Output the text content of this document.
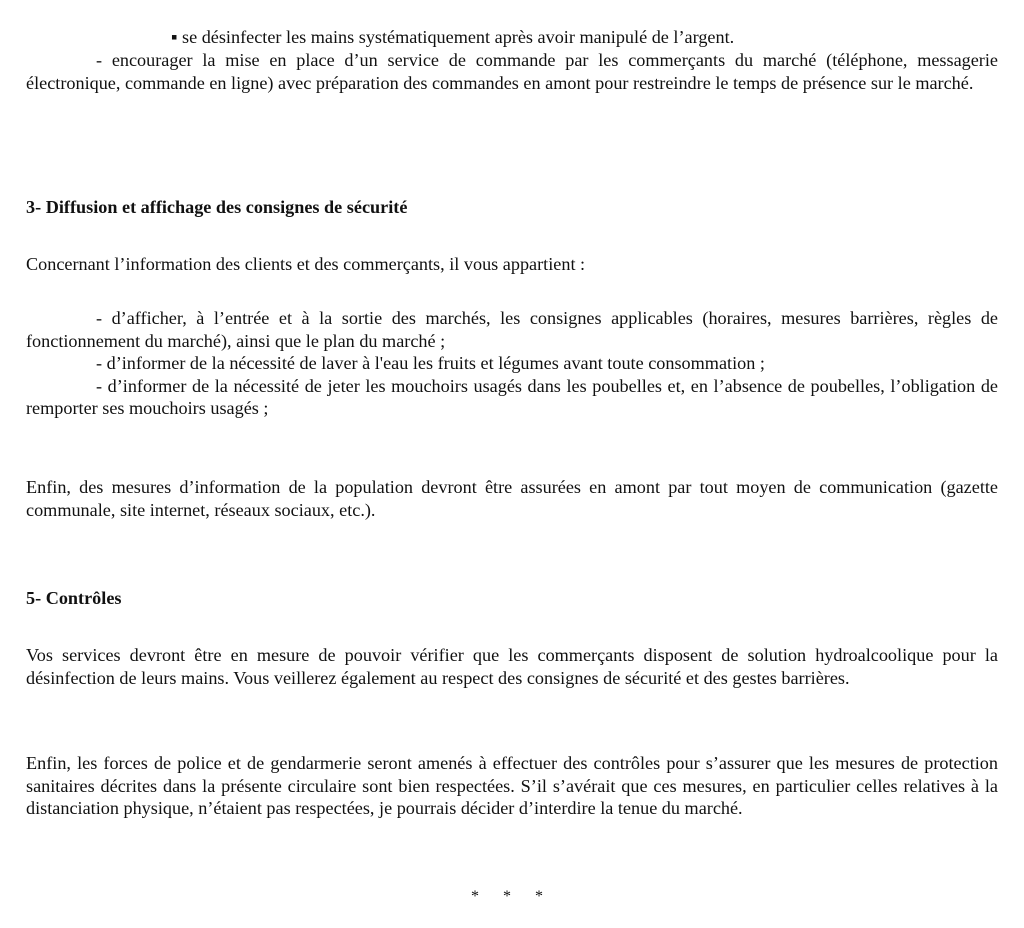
▪ se désinfecter les mains systématiquement après avoir manipulé de l’argent.

- encourager la mise en place d’un service de commande par les commerçants du marché (téléphone, messagerie électronique, commande en ligne) avec préparation des commandes en amont pour restreindre le temps de présence sur le marché.

3- Diffusion et affichage des consignes de sécurité

Concernant l’information des clients et des commerçants, il vous appartient :

- d’afficher, à l’entrée et à la sortie des marchés, les consignes applicables (horaires, mesures barrières, règles de fonctionnement du marché), ainsi que le plan du marché ;

- d’informer de la nécessité de laver à l'eau les fruits et légumes avant toute consommation ;

- d’informer de la nécessité de jeter les mouchoirs usagés dans les poubelles et, en l’absence de poubelles, l’obligation de remporter ses mouchoirs usagés ;

Enfin, des mesures d’information de la population devront être assurées en amont par tout moyen de communication (gazette communale, site internet, réseaux sociaux, etc.).

5- Contrôles

Vos services devront être en mesure de pouvoir vérifier que les commerçants disposent de solution hydroalcoolique pour la désinfection de leurs mains. Vous veillerez également au respect des consignes de sécurité et des gestes barrières.

Enfin, les forces de police et de gendarmerie seront amenés à effectuer des contrôles pour s’assurer que les mesures de protection sanitaires décrites dans la présente circulaire sont bien respectées. S’il s’avérait que ces mesures, en particulier celles relatives à la distanciation physique, n’étaient pas respectées, je pourrais décider d’interdire la tenue du marché.

* * *
